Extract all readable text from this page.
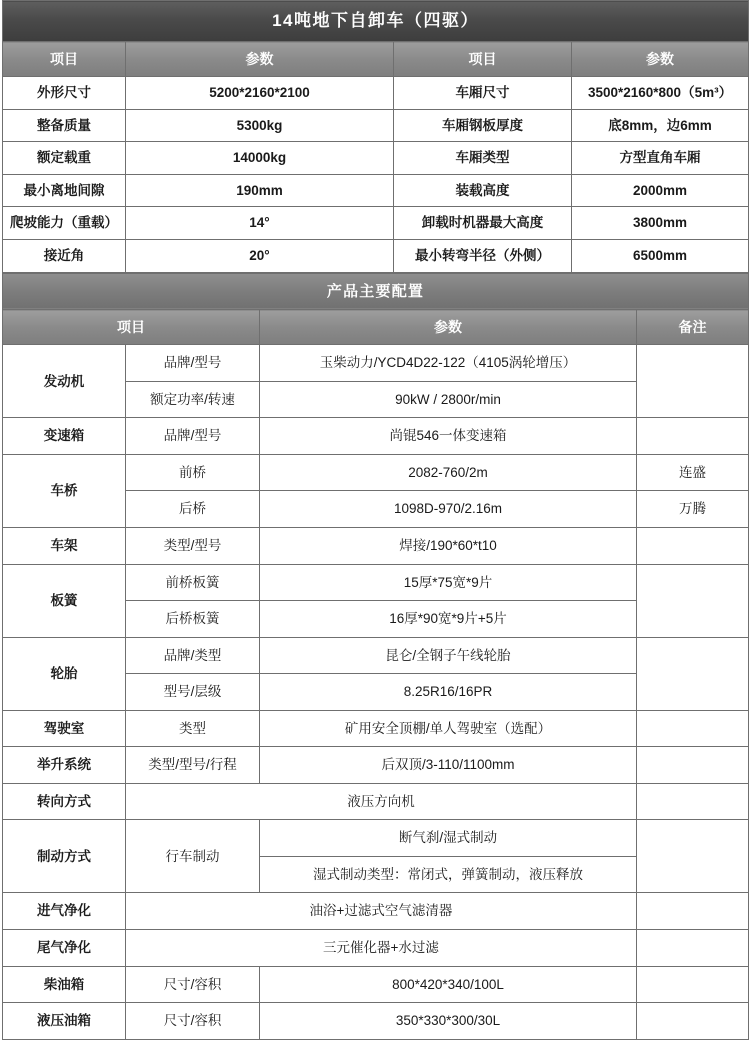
14吨地下自卸车（四驱）			
项目	参数	项目	参数
外形尺寸	5200*2160*2100	车厢尺寸	3500*2160*800（5m³）
整备质量	5300kg	车厢钢板厚度	底8mm，边6mm
额定载重	14000kg	车厢类型	方型直角车厢
最小离地间隙	190mm	装载高度	2000mm
爬坡能力（重载）	14°	卸载时机器最大高度	3800mm
接近角	20°	最小转弯半径（外侧）	6500mm
产品主要配置			
项目		参数	备注
发动机	品牌/型号	玉柴动力/YCD4D22-122（4105涡轮增压）	
	额定功率/转速	90kW / 2800r/min	
变速箱	品牌/型号	尚锟546一体变速箱	
车桥	前桥	2082-760/2m	连盛
	后桥	1098D-970/2.16m	万腾
车架	类型/型号	焊接/190*60*t10	
板簧	前桥板簧	15厚*75宽*9片	
	后桥板簧	16厚*90宽*9片+5片	
轮胎	品牌/类型	昆仑/全钢子午线轮胎	
	型号/层级	8.25R16/16PR	
驾驶室	类型	矿用安全顶棚/单人驾驶室（选配）	
举升系统	类型/型号/行程	后双顶/3-110/1100mm	
转向方式	液压方向机		
制动方式	行车制动	断气刹/湿式制动	
		湿式制动类型：常闭式，弹簧制动，液压释放	
进气净化	油浴+过滤式空气滤清器		
尾气净化	三元催化器+水过滤		
柴油箱	尺寸/容积	800*420*340/100L	
液压油箱	尺寸/容积	350*330*300/30L	
